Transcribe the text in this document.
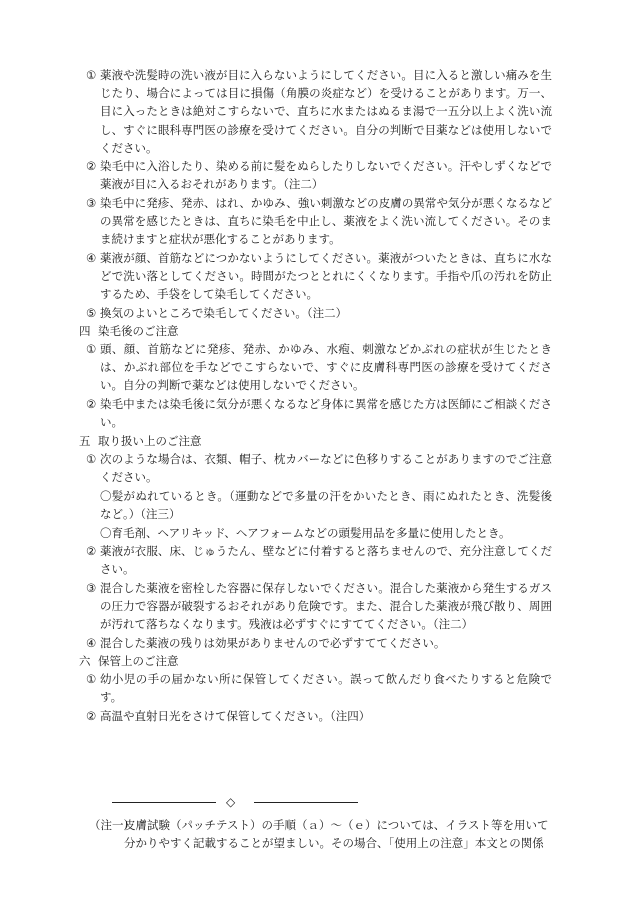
① 薬液や洗髪時の洗い液が目に入らないようにしてください。目に入ると激しい痛みを生じたり、場合によっては目に損傷（角膜の炎症など）を受けることがあります。万一、目に入ったときは絶対こすらないで、直ちに水またはぬるま湯で一五分以上よく洗い流し、すぐに眼科専門医の診療を受けてください。自分の判断で目薬などは使用しないでください。
② 染毛中に入浴したり、染める前に髪をぬらしたりしないでください。汗やしずくなどで薬液が目に入るおそれがあります。（注二）
③ 染毛中に発疹、発赤、はれ、かゆみ、強い刺激などの皮膚の異常や気分が悪くなるなどの異常を感じたときは、直ちに染毛を中止し、薬液をよく洗い流してください。そのまま続けますと症状が悪化することがあります。
④ 薬液が顔、首筋などにつかないようにしてください。薬液がついたときは、直ちに水などで洗い落としてください。時間がたつととれにくくなります。手指や爪の汚れを防止するため、手袋をして染毛してください。
⑤ 換気のよいところで染毛してください。（注二）
四 染毛後のご注意
① 頭、顔、首筋などに発疹、発赤、かゆみ、水疱、刺激などかぶれの症状が生じたときは、かぶれ部位を手などでこすらないで、すぐに皮膚科専門医の診療を受けてください。自分の判断で薬などは使用しないでください。
② 染毛中または染毛後に気分が悪くなるなど身体に異常を感じた方は医師にご相談ください。
五 取り扱い上のご注意
① 次のような場合は、衣類、帽子、枕カバーなどに色移りすることがありますのでご注意ください。
〇髪がぬれているとき。（運動などで多量の汗をかいたとき、雨にぬれたとき、洗髪後など。）（注三）
〇育毛剤、ヘアリキッド、ヘアフォームなどの頭髪用品を多量に使用したとき。
② 薬液が衣服、床、じゅうたん、壁などに付着すると落ちませんので、充分注意してください。
③ 混合した薬液を密栓した容器に保存しないでください。混合した薬液から発生するガスの圧力で容器が破裂するおそれがあり危険です。また、混合した薬液が飛び散り、周囲が汚れて落ちなくなります。残液は必ずすぐにすててください。（注二）
④ 混合した薬液の残りは効果がありませんので必ずすててください。
六 保管上のご注意
① 幼小児の手の届かない所に保管してください。誤って飲んだり食べたりすると危険です。
② 高温や直射日光をさけて保管してください。（注四）
◇
（注一）
皮膚試験（パッチテスト）の手順（ａ）～（ｅ）については、イラスト等を用いて分かりやすく記載することが望ましい。その場合、「使用上の注意」本文との関係
